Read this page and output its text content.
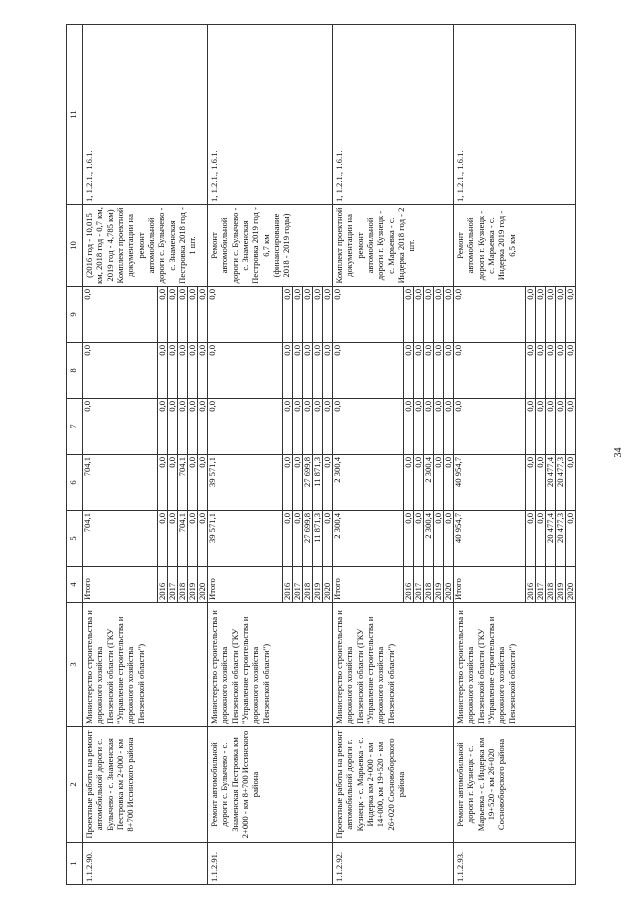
34
1	2	3	4	5	6	7	8	9	10	11
1.1.2.90.	Проектные работы на ремонт автомобильной дороги с. Булычево - с. Знаменская Пестровка км 2+000 - км 8+700 Иссинского района	Министерство строительства и дорожного хозяйства Пензенской области (ГКУ "Управление строительства и дорожного хозяйства Пензенской области")	Итого	704,1	704,1	0,0	0,0	0,0	(2016 год - 10,015 км, 2018 год - 0,7 км, 2019 год - 4,785 км) Комплект проектной документации на ремонт автомобильной дороги с. Булычево - с. Знаменская Пестровка 2018 год - 1 шт.	1, 1.2.1., 1.6.1.
			2016	0,0	0,0	0,0	0,0	0,0		
			2017	0,0	0,0	0,0	0,0	0,0		
			2018	704,1	704,1	0,0	0,0	0,0		
			2019	0,0	0,0	0,0	0,0	0,0		
			2020	0,0	0,0	0,0	0,0	0,0		
1.1.2.91.	Ремонт автомобильной дороги с. Булычево - с. Знаменская Пестровка км 2+000 - км 8+700 Иссинского района	Министерство строительства и дорожного хозяйства Пензенской области (ГКУ "Управление строительства и дорожного хозяйства Пензенской области")	Итого	39 571,1	39 571,1	0,0	0,0	0,0	Ремонт автомобильной дороги с. Булычево - с. Знаменская Пестровка 2019 год - 6,7 км (финансирование 2018 - 2019 годы)	1, 1.2.1., 1.6.1.
			2016	0,0	0,0	0,0	0,0	0,0		
			2017	0,0	0,0	0,0	0,0	0,0		
			2018	27 699,8	27 699,8	0,0	0,0	0,0		
			2019	11 871,3	11 871,3	0,0	0,0	0,0		
			2020	0,0	0,0	0,0	0,0	0,0		
1.1.2.92.	Проектные работы на ремонт автомобильной дороги г. Кузнецк - с. Марьевка - с. Индерка км 2+000 - км 14+000, км 19+520 - км 26+020 Сосновоборского района	Министерство строительства и дорожного хозяйства Пензенской области (ГКУ "Управление строительства и дорожного хозяйства Пензенской области")	Итого	2 300,4	2 300,4	0,0	0,0	0,0	Комплект проектной документации на ремонт автомобильной дороги г. Кузнецк - с. Марьевка - с. Индерка 2018 год - 2 шт.	1, 1.2.1., 1.6.1.
			2016	0,0	0,0	0,0	0,0	0,0		
			2017	0,0	0,0	0,0	0,0	0,0		
			2018	2 300,4	2 300,4	0,0	0,0	0,0		
			2019	0,0	0,0	0,0	0,0	0,0		
			2020	0,0	0,0	0,0	0,0	0,0		
1.1.2.93.	Ремонт автомобильной дороги г. Кузнецк - с. Марьевка - с. Индерка км 19+520 - км 26+020 Сосновоборского района	Министерство строительства и дорожного хозяйства Пензенской области (ГКУ "Управление строительства и дорожного хозяйства Пензенской области")	Итого	40 954,7	40 954,7	0,0	0,0	0,0	Ремонт автомобильной дороги г. Кузнецк - с. Марьевка - с. Индерка 2019 год - 6,5 км	1, 1.2.1., 1.6.1.
			2016	0,0	0,0	0,0	0,0	0,0		
			2017	0,0	0,0	0,0	0,0	0,0		
			2018	20 477,4	20 477,4	0,0	0,0	0,0		
			2019	20 477,3	20 477,3	0,0	0,0	0,0		
			2020	0,0	0,0	0,0	0,0	0,0		
